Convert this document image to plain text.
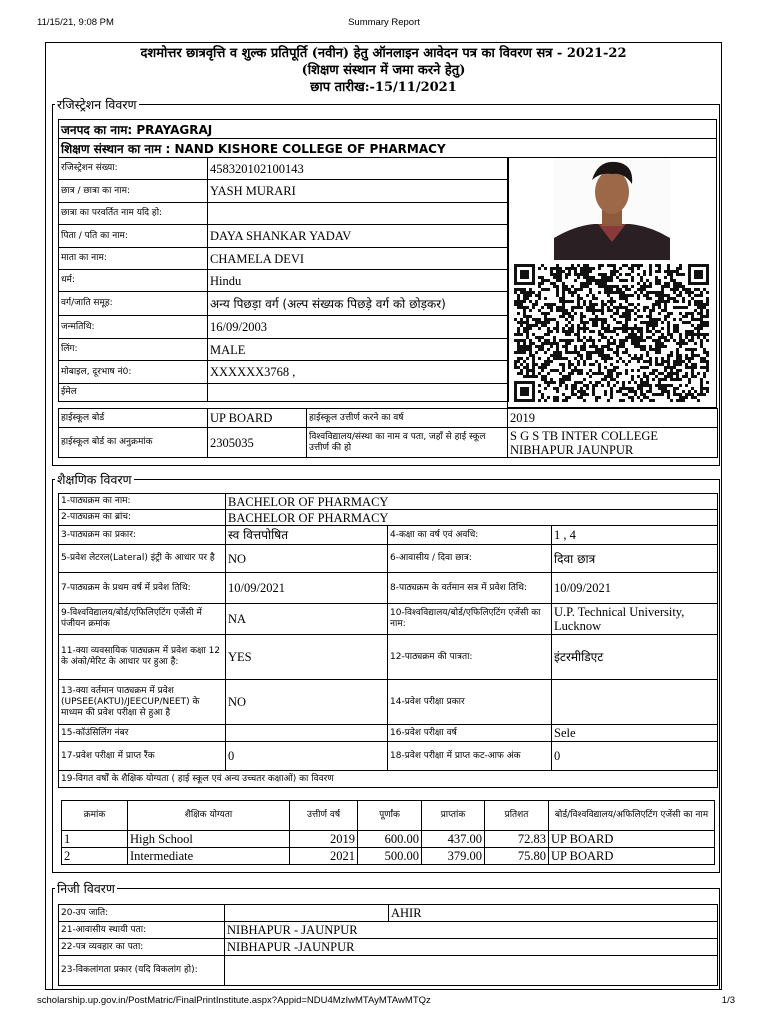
11/15/21, 9:08 PM	Summary Report
दशमोत्तर छात्रवृत्ति व शुल्क प्रतिपूर्ति (नवीन) हेतु ऑनलाइन आवेदन पत्र का विवरण सत्र - 2021-22
(शिक्षण संस्थान में जमा करने हेतु)
छाप तारीख:-15/11/2021
रजिस्ट्रेशन विवरण
जनपद का नाम: PRAYAGRAJ
शिक्षण संस्थान का नाम : NAND KISHORE COLLEGE OF PHARMACY
रजिस्ट्रेशन संख्या:	458320102100143
छात्र / छात्रा का नाम:	YASH MURARI
छात्रा का परवर्तित नाम यदि हो:	
पिता / पति का नाम:	DAYA SHANKAR YADAV
माता का नाम:	CHAMELA DEVI
धर्म:	Hindu
वर्ग/जाति समूह:	अन्य पिछड़ा वर्ग (अल्प संख्यक पिछड़े वर्ग को छोड़कर)
जन्मतिथि:	16/09/2003
लिंग:	MALE
मोबाइल, दूरभाष नं0:	XXXXXX3768 ,
ईमेल	
हाईस्कूल बोर्ड	UP BOARD	हाईस्कूल उत्तीर्ण करने का वर्ष	2019
हाईस्कूल बोर्ड का अनुक्रमांक	2305035	विश्वविद्यालय/संस्था का नाम व पता, जहाँ से हाई स्कूल उत्तीर्ण की हो	S G S TB INTER COLLEGE NIBHAPUR JAUNPUR
शैक्षणिक विवरण
1-पाठ्यक्रम का नाम:	BACHELOR OF PHARMACY		
2-पाठ्यक्रम का ब्रांच:	BACHELOR OF PHARMACY		
3-पाठ्यक्रम का प्रकार:	स्व वित्तपोषित	4-कक्षा का वर्ष एवं अवधि:	1 , 4
5-प्रवेश लेटरल(Lateral) इंट्री के आधार पर है	NO	6-आवासीय / दिवा छात्र:	दिवा छात्र
7-पाठ्यक्रम के प्रथम वर्ष में प्रवेश तिथि:	10/09/2021	8-पाठ्यक्रम के वर्तमान सत्र में प्रवेश तिथि:	10/09/2021
9-विश्वविद्यालय/बोर्ड/एफिलिएटिंग एजेंसी में पंजीयन क्रमांक	NA	10-विश्वविद्यालय/बोर्ड/एफिलिएटिंग एजेंसी का नाम:	U.P. Technical University, Lucknow
11-क्या व्यवसायिक पाठ्यक्रम में प्रवेश कक्षा 12 के अंको/मेरिट के आधार पर हुआ है:	YES	12-पाठ्यक्रम की पात्रता:	इंटरमीडिएट
13-क्या वर्तमान पाठ्यक्रम में प्रवेश (UPSEE(AKTU)/JEECUP/NEET) के माध्यम की प्रवेश परीक्षा से हुआ है	NO	14-प्रवेश परीक्षा प्रकार	
15-कॉउंसिलिंग नंबर		16-प्रवेश परीक्षा वर्ष	Sele
17-प्रवेश परीक्षा में प्राप्त रैंक	0	18-प्रवेश परीक्षा में प्राप्त कट-आफ अंक	0
19-विगत वर्षों के शैक्षिक योग्यता ( हाई स्कूल एवं अन्य उच्चतर कक्षाओं) का विवरण			
क्रमांक	शैक्षिक योग्यता	उत्तीर्ण वर्ष	पूर्णांक	प्राप्तांक	प्रतिशत	बोर्ड/विश्वविद्यालय/अफिलिएटिंग एजेंसी का नाम
1	High School	2019	600.00	437.00	72.83	UP BOARD
2	Intermediate	2021	500.00	379.00	75.80	UP BOARD
निजी विवरण
20-उप जाति:		AHIR
21-आवासीय स्थायी पता:	NIBHAPUR - JAUNPUR	
22-पत्र व्यवहार का पता:	NIBHAPUR -JAUNPUR	
23-विकलांगता प्रकार (यदि विकलांग हो):		
scholarship.up.gov.in/PostMatric/FinalPrintInstitute.aspx?Appid=NDU4MzIwMTAyMTAwMTQz	1/3
